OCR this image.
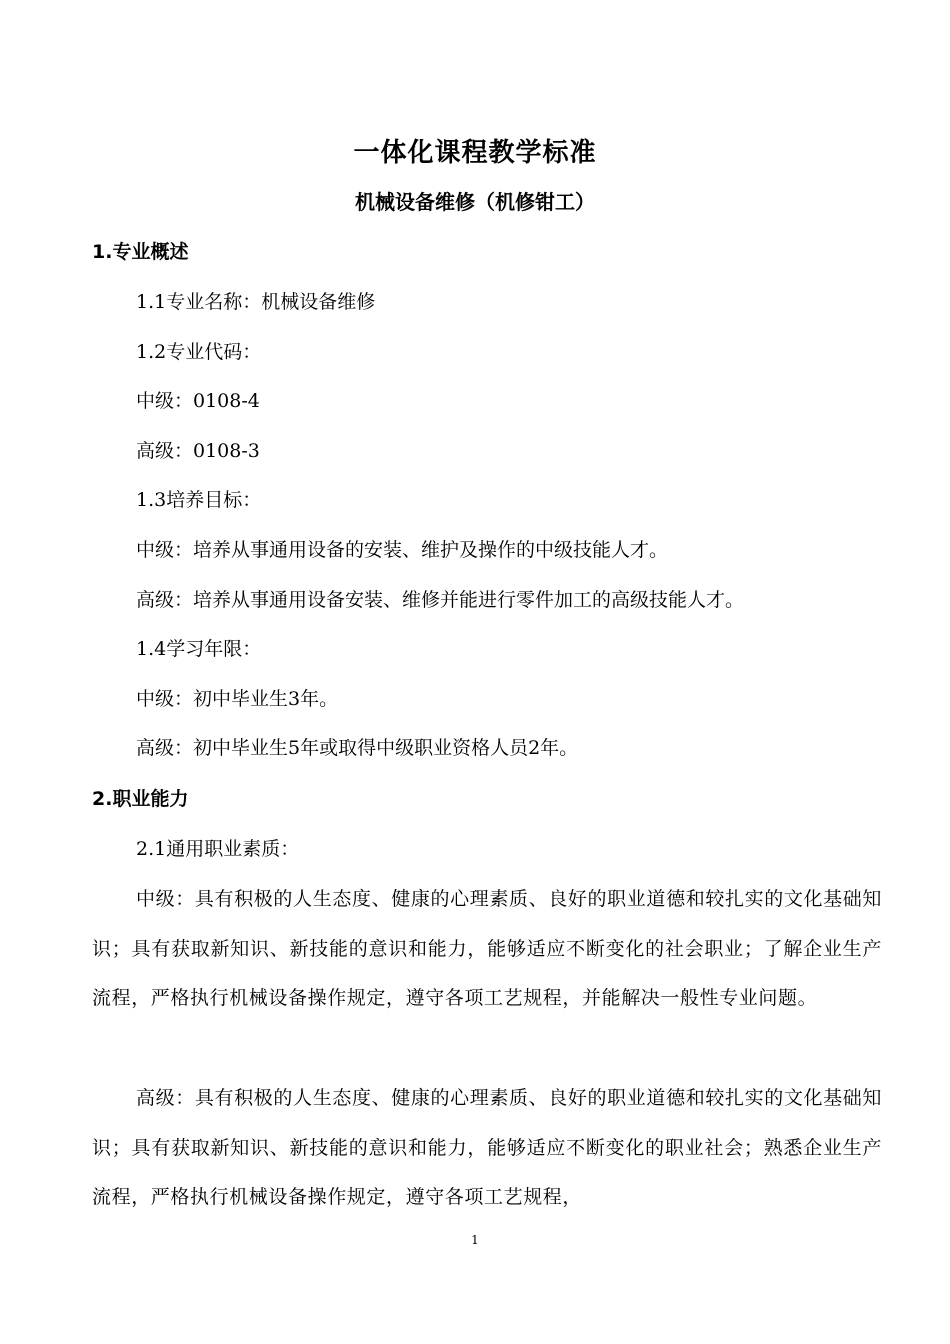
一体化课程教学标准
机械设备维修（机修钳工）
1.专业概述
1.1专业名称：机械设备维修
1.2专业代码：
中级：0108-4
高级：0108-3
1.3培养目标：
中级：培养从事通用设备的安装、维护及操作的中级技能人才。
高级：培养从事通用设备安装、维修并能进行零件加工的高级技能人才。
1.4学习年限：
中级：初中毕业生3年。
高级：初中毕业生5年或取得中级职业资格人员2年。
2.职业能力
2.1通用职业素质：
中级：具有积极的人生态度、健康的心理素质、良好的职业道德和较扎实的文化基础知识；具有获取新知识、新技能的意识和能力，能够适应不断变化的社会职业；了解企业生产流程，严格执行机械设备操作规定，遵守各项工艺规程，并能解决一般性专业问题。
高级：具有积极的人生态度、健康的心理素质、良好的职业道德和较扎实的文化基础知识；具有获取新知识、新技能的意识和能力，能够适应不断变化的职业社会；熟悉企业生产流程，严格执行机械设备操作规定，遵守各项工艺规程，
1
